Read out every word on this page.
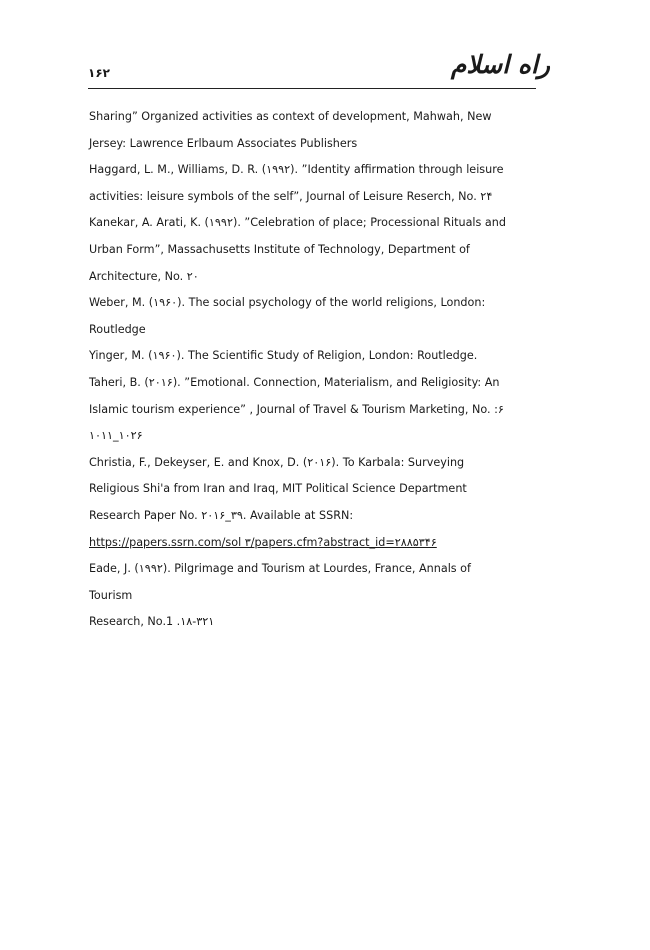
۱۶۲	راه اسلام
Sharing” Organized activities as context of development, Mahwah, New
Jersey: Lawrence Erlbaum Associates Publishers
Haggard, L. M., Williams, D. R. (۱۹۹۲). ”Identity affirmation through leisure
activities: leisure symbols of the self”, Journal of Leisure Reserch, No. ۲۴
Kanekar, A. Arati, K. (۱۹۹۲). ”Celebration of place; Processional Rituals and
Urban Form”, Massachusetts Institute of Technology, Department of
Architecture, No. ۲۰
Weber, M. (۱۹۶۰). The social psychology of the world religions, London:
Routledge
Yinger, M. (۱۹۶۰). The Scientific Study of Religion, London: Routledge.
Taheri, B. (۲۰۱۶). ”Emotional. Connection, Materialism, and Religiosity: An
Islamic tourism experience” , Journal of Travel & Tourism Marketing, No. :۶
۱۰۱۱_۱۰۲۶
Christia, F., Dekeyser, E. and Knox, D. (۲۰۱۶). To Karbala: Surveying
Religious Shi'a from Iran and Iraq, MIT Political Science Department
Research Paper No. ۲۰۱۶_۳۹. Available at SSRN:
https://papers.ssrn.com/sol ۳/papers.cfm?abstract_id=۲۸۸۵۳۴۶
Eade, J. (۱۹۹۲). Pilgrimage and Tourism at Lourdes, France, Annals of
Tourism
Research, No.1 .۱۸-۳۲۱
